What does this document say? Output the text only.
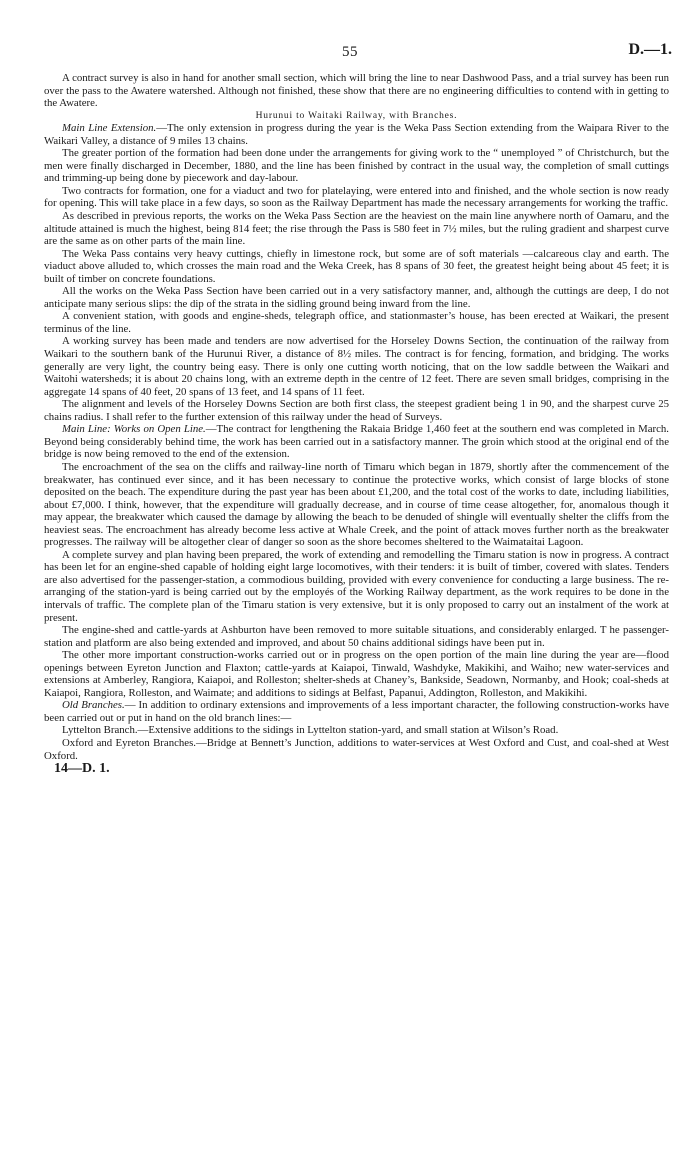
55	D.—1.

A contract survey is also in hand for another small section, which will bring the line to near Dashwood Pass, and a trial survey has been run over the pass to the Awatere watershed. Although not finished, these show that there are no engineering difficulties to contend with in getting to the Awatere.

Hurunui to Waitaki Railway, with Branches.

Main Line Extension.—The only extension in progress during the year is the Weka Pass Section extending from the Waipara River to the Waikari Valley, a distance of 9 miles 13 chains.

The greater portion of the formation had been done under the arrangements for giving work to the “ unemployed ” of Christchurch, but the men were finally discharged in December, 1880, and the line has been finished by contract in the usual way, the completion of small cuttings and trimming-up being done by piecework and day-labour.

Two contracts for formation, one for a viaduct and two for platelaying, were entered into and finished, and the whole section is now ready for opening. This will take place in a few days, so soon as the Railway Department has made the necessary arrangements for working the traffic.

As described in previous reports, the works on the Weka Pass Section are the heaviest on the main line anywhere north of Oamaru, and the altitude attained is much the highest, being 814 feet; the rise through the Pass is 580 feet in 7½ miles, but the ruling gradient and sharpest curve are the same as on other parts of the main line.

The Weka Pass contains very heavy cuttings, chiefly in limestone rock, but some are of soft materials —calcareous clay and earth. The viaduct above alluded to, which crosses the main road and the Weka Creek, has 8 spans of 30 feet, the greatest height being about 45 feet; it is built of timber on concrete foundations.

All the works on the Weka Pass Section have been carried out in a very satisfactory manner, and, although the cuttings are deep, I do not anticipate many serious slips: the dip of the strata in the sidling ground being inward from the line.

A convenient station, with goods and engine-sheds, telegraph office, and stationmaster’s house, has been erected at Waikari, the present terminus of the line.

A working survey has been made and tenders are now advertised for the Horseley Downs Section, the continuation of the railway from Waikari to the southern bank of the Hurunui River, a distance of 8½ miles. The contract is for fencing, formation, and bridging. The works generally are very light, the country being easy. There is only one cutting worth noticing, that on the low saddle between the Waikari and Waitohi watersheds; it is about 20 chains long, with an extreme depth in the centre of 12 feet. There are seven small bridges, comprising in the aggregate 14 spans of 40 feet, 20 spans of 13 feet, and 14 spans of 11 feet.

The alignment and levels of the Horseley Downs Section are both first class, the steepest gradient being 1 in 90, and the sharpest curve 25 chains radius. I shall refer to the further extension of this railway under the head of Surveys.

Main Line: Works on Open Line.—The contract for lengthening the Rakaia Bridge 1,460 feet at the southern end was completed in March. Beyond being considerably behind time, the work has been carried out in a satisfactory manner. The groin which stood at the original end of the bridge is now being removed to the end of the extension.

The encroachment of the sea on the cliffs and railway-line north of Timaru which began in 1879, shortly after the commencement of the breakwater, has continued ever since, and it has been necessary to continue the protective works, which consist of large blocks of stone deposited on the beach. The expenditure during the past year has been about £1,200, and the total cost of the works to date, including liabilities, about £7,000. I think, however, that the expenditure will gradually decrease, and in course of time cease altogether, for, anomalous though it may appear, the breakwater which caused the damage by allowing the beach to be denuded of shingle will eventually shelter the cliffs from the heaviest seas. The encroachment has already become less active at Whale Creek, and the point of attack moves further north as the breakwater progresses. The railway will be altogether clear of danger so soon as the shore becomes sheltered to the Waimataitai Lagoon.

A complete survey and plan having been prepared, the work of extending and remodelling the Timaru station is now in progress. A contract has been let for an engine-shed capable of holding eight large locomotives, with their tenders: it is built of timber, covered with slates. Tenders are also advertised for the passenger-station, a commodious building, provided with every convenience for conducting a large business. The re-arranging of the station-yard is being carried out by the employés of the Working Railway department, as the work requires to be done in the intervals of traffic. The complete plan of the Timaru station is very extensive, but it is only proposed to carry out an instalment of the work at present.

The engine-shed and cattle-yards at Ashburton have been removed to more suitable situations, and considerably enlarged. T he passenger-station and platform are also being extended and improved, and about 50 chains additional sidings have been put in.

The other more important construction-works carried out or in progress on the open portion of the main line during the year are—flood openings between Eyreton Junction and Flaxton; cattle-yards at Kaiapoi, Tinwald, Washdyke, Makikihi, and Waiho; new water-services and extensions at Amberley, Rangiora, Kaiapoi, and Rolleston; shelter-sheds at Chaney’s, Bankside, Seadown, Normanby, and Hook; coal-sheds at Kaiapoi, Rangiora, Rolleston, and Waimate; and additions to sidings at Belfast, Papanui, Addington, Rolleston, and Makikihi.

Old Branches.— In addition to ordinary extensions and improvements of a less important character, the following construction-works have been carried out or put in hand on the old branch lines:—

Lyttelton Branch.—Extensive additions to the sidings in Lyttelton station-yard, and small station at Wilson’s Road.

Oxford and Eyreton Branches.—Bridge at Bennett’s Junction, additions to water-services at West Oxford and Cust, and coal-shed at West Oxford.

14—D. 1.
